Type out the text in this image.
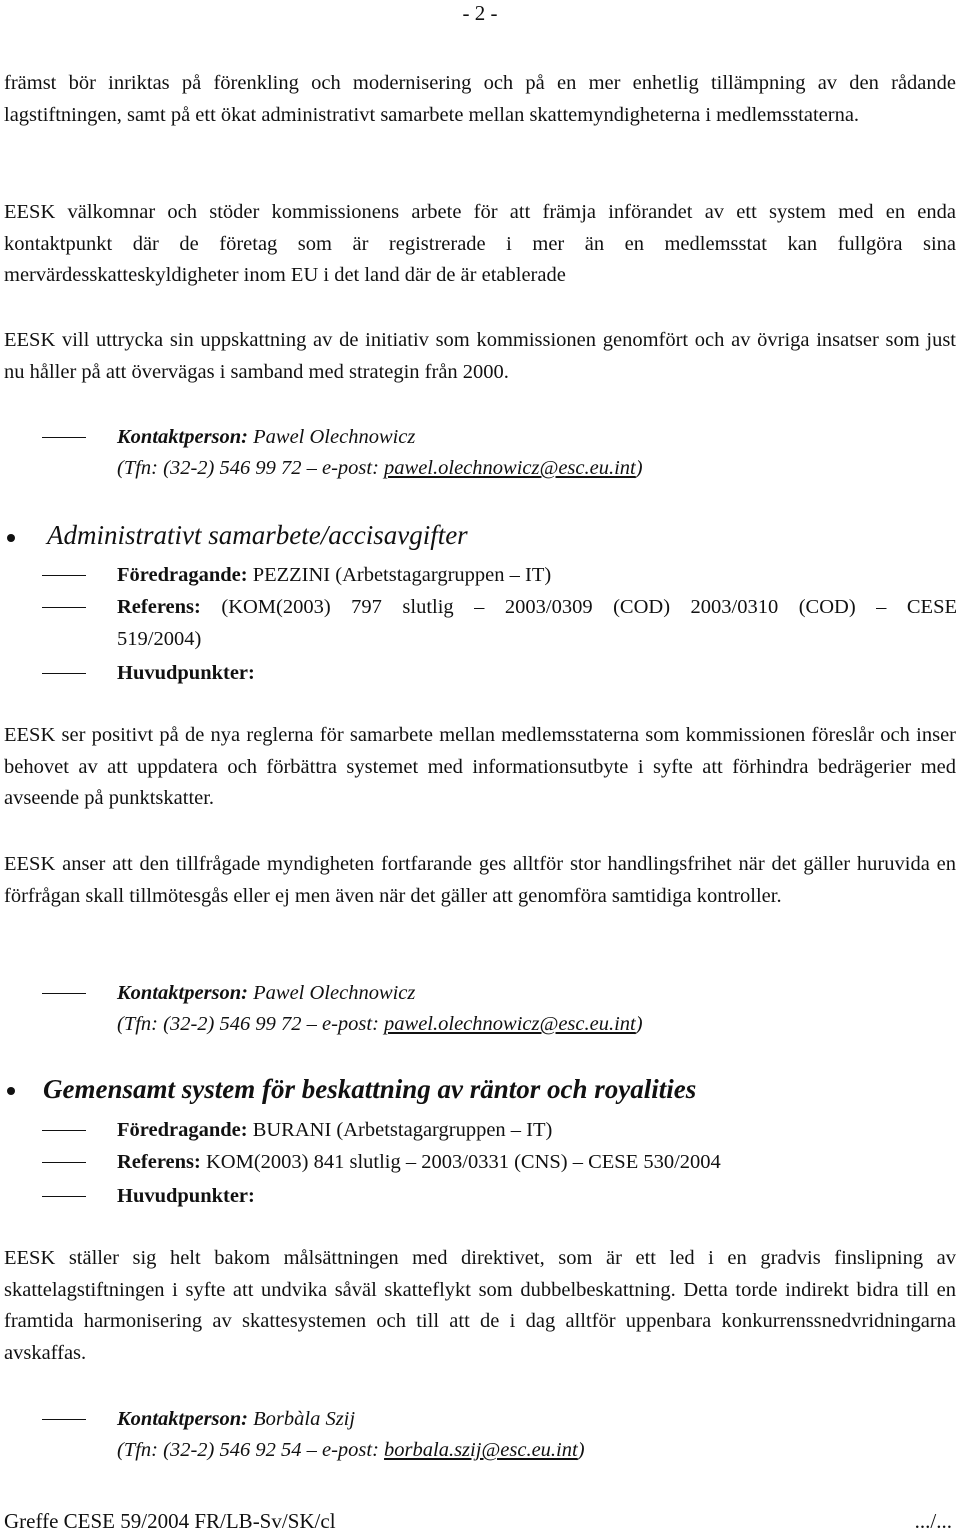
- 2 -
främst bör inriktas på förenkling och modernisering och på en mer enhetlig tillämpning av den rådande lagstiftningen, samt på ett ökat administrativt samarbete mellan skattemyndigheterna i medlemsstaterna.
EESK välkomnar och stöder kommissionens arbete för att främja införandet av ett system med en enda kontaktpunkt där de företag som är registrerade i mer än en medlemsstat kan fullgöra sina mervärdesskatteskyldigheter inom EU i det land där de är etablerade
EESK vill uttrycka sin uppskattning av de initiativ som kommissionen genomfört och av övriga insatser som just nu håller på att övervägas i samband med strategin från 2000.
Kontaktperson: Pawel Olechnowicz
(Tfn: (32-2) 546 99 72 – e-post: pawel.olechnowicz@esc.eu.int)
Administrativt samarbete/accisavgifter
Föredragande: PEZZINI (Arbetstagargruppen – IT)
Referens: (KOM(2003) 797 slutlig – 2003/0309 (COD) 2003/0310 (COD) – CESE
519/2004)
Huvudpunkter:
EESK ser positivt på de nya reglerna för samarbete mellan medlemsstaterna som kommissionen föreslår och inser behovet av att uppdatera och förbättra systemet med informationsutbyte i syfte att förhindra bedrägerier med avseende på punktskatter.
EESK anser att den tillfrågade myndigheten fortfarande ges alltför stor handlingsfrihet när det gäller huruvida en förfrågan skall tillmötesgås eller ej men även när det gäller att genomföra samtidiga kontroller.
Kontaktperson: Pawel Olechnowicz
(Tfn: (32-2) 546 99 72 – e-post: pawel.olechnowicz@esc.eu.int)
Gemensamt system för beskattning av räntor och royalities
Föredragande: BURANI (Arbetstagargruppen – IT)
Referens: KOM(2003) 841 slutlig – 2003/0331 (CNS) – CESE 530/2004
Huvudpunkter:
EESK ställer sig helt bakom målsättningen med direktivet, som är ett led i en gradvis finslipning av skattelagstiftningen i syfte att undvika såväl skatteflykt som dubbelbeskattning. Detta torde indirekt bidra till en framtida harmonisering av skattesystemen och till att de i dag alltför uppenbara konkurrenssnedvridningarna avskaffas.
Kontaktperson: Borbàla Szij
(Tfn: (32-2) 546 92 54 – e-post: borbala.szij@esc.eu.int)
Greffe CESE 59/2004 FR/LB-Sv/SK/cl	.../...
